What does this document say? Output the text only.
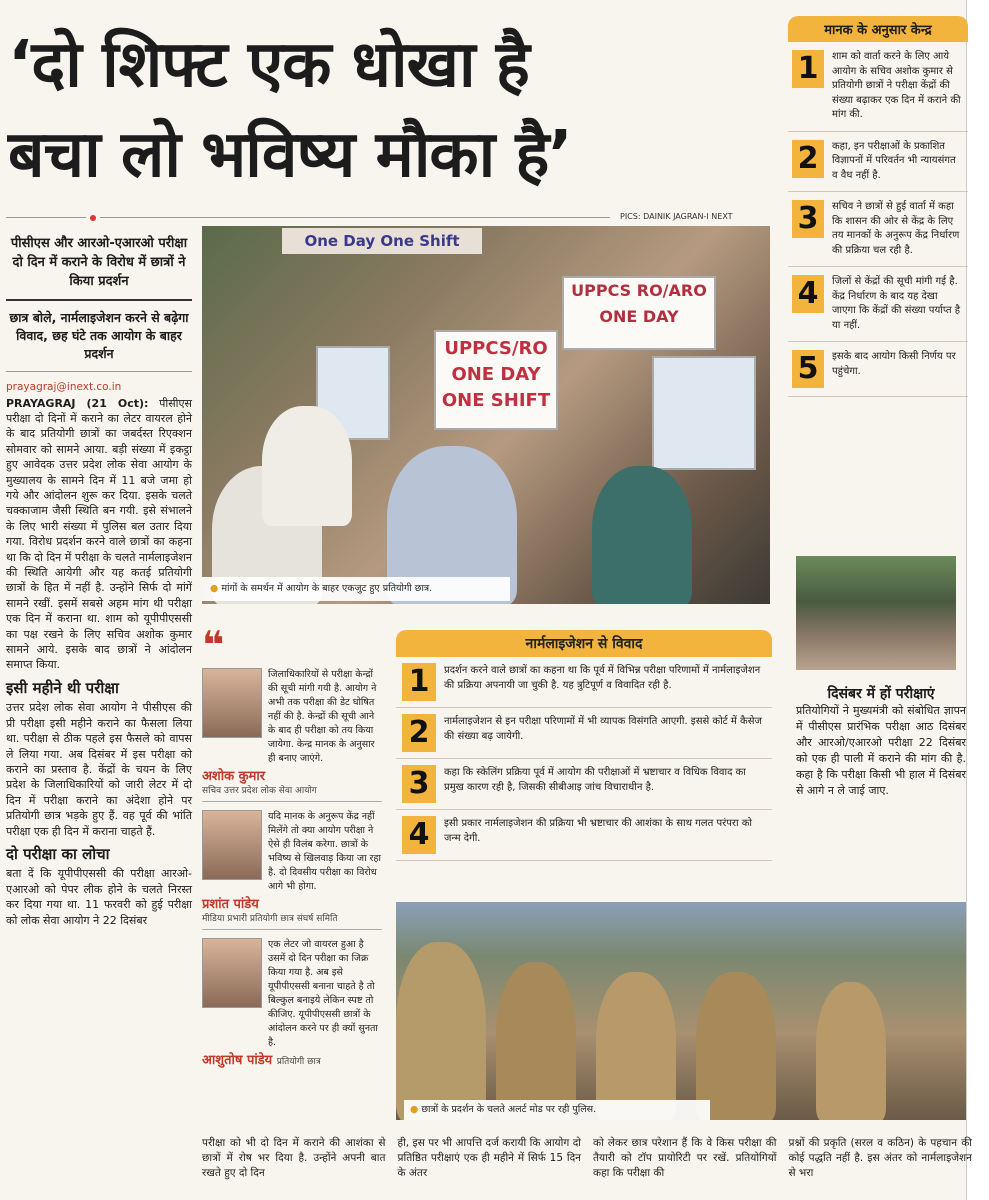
‘दो शिफ्ट एक धोखा है
बचा लो भविष्य मौका है’
PICS: DAINIK JAGRAN-I NEXT
पीसीएस और आरओ-एआरओ परीक्षा दो दिन में कराने के विरोध में छात्रों ने किया प्रदर्शन
छात्र बोले, नार्मलाइजेशन करने से बढ़ेगा विवाद, छह घंटे तक आयोग के बाहर प्रदर्शन
prayagraj@inext.co.in
PRAYAGRAJ (21 Oct): पीसीएस परीक्षा दो दिनों में कराने का लेटर वायरल होने के बाद प्रतियोगी छात्रों का जबर्दस्त रिएक्शन सोमवार को सामने आया. बड़ी संख्या में इकट्ठा हुए आवेदक उत्तर प्रदेश लोक सेवा आयोग के मुख्यालय के सामने दिन में 11 बजे जमा हो गये और आंदोलन शुरू कर दिया. इसके चलते चक्काजाम जैसी स्थिति बन गयी. इसे संभालने के लिए भारी संख्या में पुलिस बल उतार दिया गया. विरोध प्रदर्शन करने वाले छात्रों का कहना था कि दो दिन में परीक्षा के चलते नार्मलाइजेशन की स्थिति आयेगी और यह कतई प्रतियोगी छात्रों के हित में नहीं है. उन्होंने सिर्फ दो मांगें सामने रखीं. इसमें सबसे अहम मांग थी परीक्षा एक दिन में कराना था. शाम को यूपीपीएससी का पक्ष रखने के लिए सचिव अशोक कुमार सामने आये. इसके बाद छात्रों ने आंदोलन समाप्त किया.
इसी महीने थी परीक्षा
उत्तर प्रदेश लोक सेवा आयोग ने पीसीएस की प्री परीक्षा इसी महीने कराने का फैसला लिया था. परीक्षा से ठीक पहले इस फैसले को वापस ले लिया गया. अब दिसंबर में इस परीक्षा को कराने का प्रस्ताव है. केंद्रों के चयन के लिए प्रदेश के जिलाधिकारियों को जारी लेटर में दो दिन में परीक्षा कराने का अंदेशा होने पर प्रतियोगी छात्र भड़के हुए हैं. वह पूर्व की भांति परीक्षा एक ही दिन में कराना चाहते हैं.
दो परीक्षा का लोचा
बता दें कि यूपीपीएससी की परीक्षा आरओ-एआरओ को पेपर लीक होने के चलते निरस्त कर दिया गया था. 11 फरवरी को हुई परीक्षा को लोक सेवा आयोग ने 22 दिसंबर
One Day One Shift
UPPCS/RO ONE DAY ONE SHIFT
UPPCS RO/ARO ONE DAY
● मांगों के समर्थन में आयोग के बाहर एकजुट हुए प्रतियोगी छात्र.
❝
जिलाधिकारियों से परीक्षा केन्द्रों की सूची मांगी गयी है. आयोग ने अभी तक परीक्षा की डेट घोषित नहीं की है. केन्द्रों की सूची आने के बाद ही परीक्षा को तय किया जायेगा. केन्द्र मानक के अनुसार ही बनाए जाएंगे.
अशोक कुमार
सचिव उत्तर प्रदेश लोक सेवा आयोग
यदि मानक के अनुरूप केंद्र नहीं मिलेंगे तो क्या आयोग परीक्षा ने ऐसे ही विलंब करेगा. छात्रों के भविष्य से खिलवाड़ किया जा रहा है. दो दिवसीय परीक्षा का विरोध आगे भी होगा.
प्रशांत पांडेय
मीडिया प्रभारी प्रतियोगी छात्र संघर्ष समिति
एक लेटर जो वायरल हुआ है उसमें दो दिन परीक्षा का जिक्र किया गया है. अब इसे यूपीपीएससी बनाना चाहते है तो बिल्कुल बनाइये लेकिन स्पष्ट तो कीजिए. यूपीपीएससी छात्रों के आंदोलन करने पर ही क्यों सुनता है.
आशुतोष पांडेय प्रतियोगी छात्र
नार्मलाइजेशन से विवाद
1	प्रदर्शन करने वाले छात्रों का कहना था कि पूर्व में विभिन्न परीक्षा परिणामों में नार्मलाइजेशन की प्रक्रिया अपनायी जा चुकी है. यह त्रुटिपूर्ण व विवादित रही है.
2	नार्मलाइजेशन से इन परीक्षा परिणामों में भी व्यापक विसंगति आएगी. इससे कोर्ट में कैसेज की संख्या बढ़ जायेगी.
3	कहा कि स्केलिंग प्रक्रिया पूर्व में आयोग की परीक्षाओं में भ्रष्टाचार व विधिक विवाद का प्रमुख कारण रही है, जिसकी सीबीआइ जांच विचाराधीन है.
4	इसी प्रकार नार्मलाइजेशन की प्रक्रिया भी भ्रष्टाचार की आशंका के साथ गलत परंपरा को जन्म देगी.
● छात्रों के प्रदर्शन के चलते अलर्ट मोड पर रही पुलिस.
मानक के अनुसार केन्द्र
1	शाम को वार्ता करने के लिए आये आयोग के सचिव अशोक कुमार से प्रतियोगी छात्रों ने परीक्षा केंद्रों की संख्या बढ़ाकर एक दिन में कराने की मांग की.
2	कहा, इन परीक्षाओं के प्रकाशित विज्ञापनों में परिवर्तन भी न्यायसंगत व वैध नहीं है.
3	सचिव ने छात्रों से हुई वार्ता में कहा कि शासन की ओर से केंद्र के लिए तय मानकों के अनुरूप केंद्र निर्धारण की प्रक्रिया चल रही है.
4	जिलों से केंद्रों की सूची मांगी गई है. केंद्र निर्धारण के बाद यह देखा जाएगा कि केंद्रों की संख्या पर्याप्त है या नहीं.
5	इसके बाद आयोग किसी निर्णय पर पहुंचेगा.
दिसंबर में हों परीक्षाएं
प्रतियोगियों ने मुख्यमंत्री को संबोधित ज्ञापन में पीसीएस प्रारंभिक परीक्षा आठ दिसंबर और आरओ/एआरओ परीक्षा 22 दिसंबर को एक ही पाली में कराने की मांग की है. कहा है कि परीक्षा किसी भी हाल में दिसंबर से आगे न ले जाई जाए.
परीक्षा को भी दो दिन में कराने की आशंका से छात्रों में रोष भर दिया है. उन्होंने अपनी बात रखते हुए दो दिन
ही, इस पर भी आपत्ति दर्ज करायी कि आयोग दो प्रतिष्ठित परीक्षाएं एक ही महीने में सिर्फ 15 दिन के अंतर
को लेकर छात्र परेशान हैं कि वे किस परीक्षा की तैयारी को टॉप प्रायोरिटी पर रखें. प्रतियोगियों कहा कि परीक्षा की
प्रश्नों की प्रकृति (सरल व कठिन) के पहचान की कोई पद्धति नहीं है. इस अंतर को नार्मलाइजेशन से भरा
